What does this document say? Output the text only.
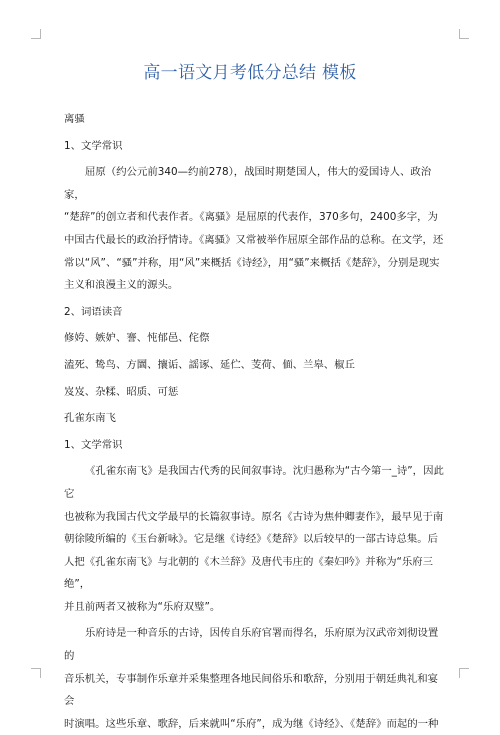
高一语文月考低分总结 模板

离骚

1、文学常识

屈原（约公元前340—约前278），战国时期楚国人，伟大的爱国诗人、政治家，

“楚辞”的创立者和代表作者。《离骚》是屈原的代表作，370多句，2400多字，为

中国古代最长的政治抒情诗。《离骚》又常被举作屈原全部作品的总称。在文学，还

常以“风”、“骚”并称，用“风”来概括《诗经》，用“骚”来概括《楚辞》，分别是现实

主义和浪漫主义的源头。

2、词语读音

修姱、嫉妒、謇、忳郁邑、侘傺

溘死、鸷鸟、方圜、攘诟、謡诼、延伫、芰荷、偭、兰皋、椒丘

岌岌、杂糅、昭质、可惩

孔雀东南飞

1、文学常识

《孔雀东南飞》是我国古代秀的民间叙事诗。沈归愚称为“古今第一_诗”，因此它

也被称为我国古代文学最早的长篇叙事诗。原名《古诗为焦仲卿妻作》，最早见于南

朝徐陵所编的《玉台新咏》。它是继《诗经》《楚辞》以后较早的一部古诗总集。后

人把《孔雀东南飞》与北朝的《木兰辞》及唐代韦庄的《秦妇吟》并称为“乐府三绝”，

并且前两者又被称为“乐府双璧”。

乐府诗是一种音乐的古诗，因传自乐府官署而得名，乐府原为汉武帝刘彻设置的

音乐机关，专事制作乐章并采集整理各地民间俗乐和歌辞，分别用于朝廷典礼和宴会

时演唱。这些乐章、歌辞，后来就叫“乐府”，成为继《诗经》、《楚辞》而起的一种
